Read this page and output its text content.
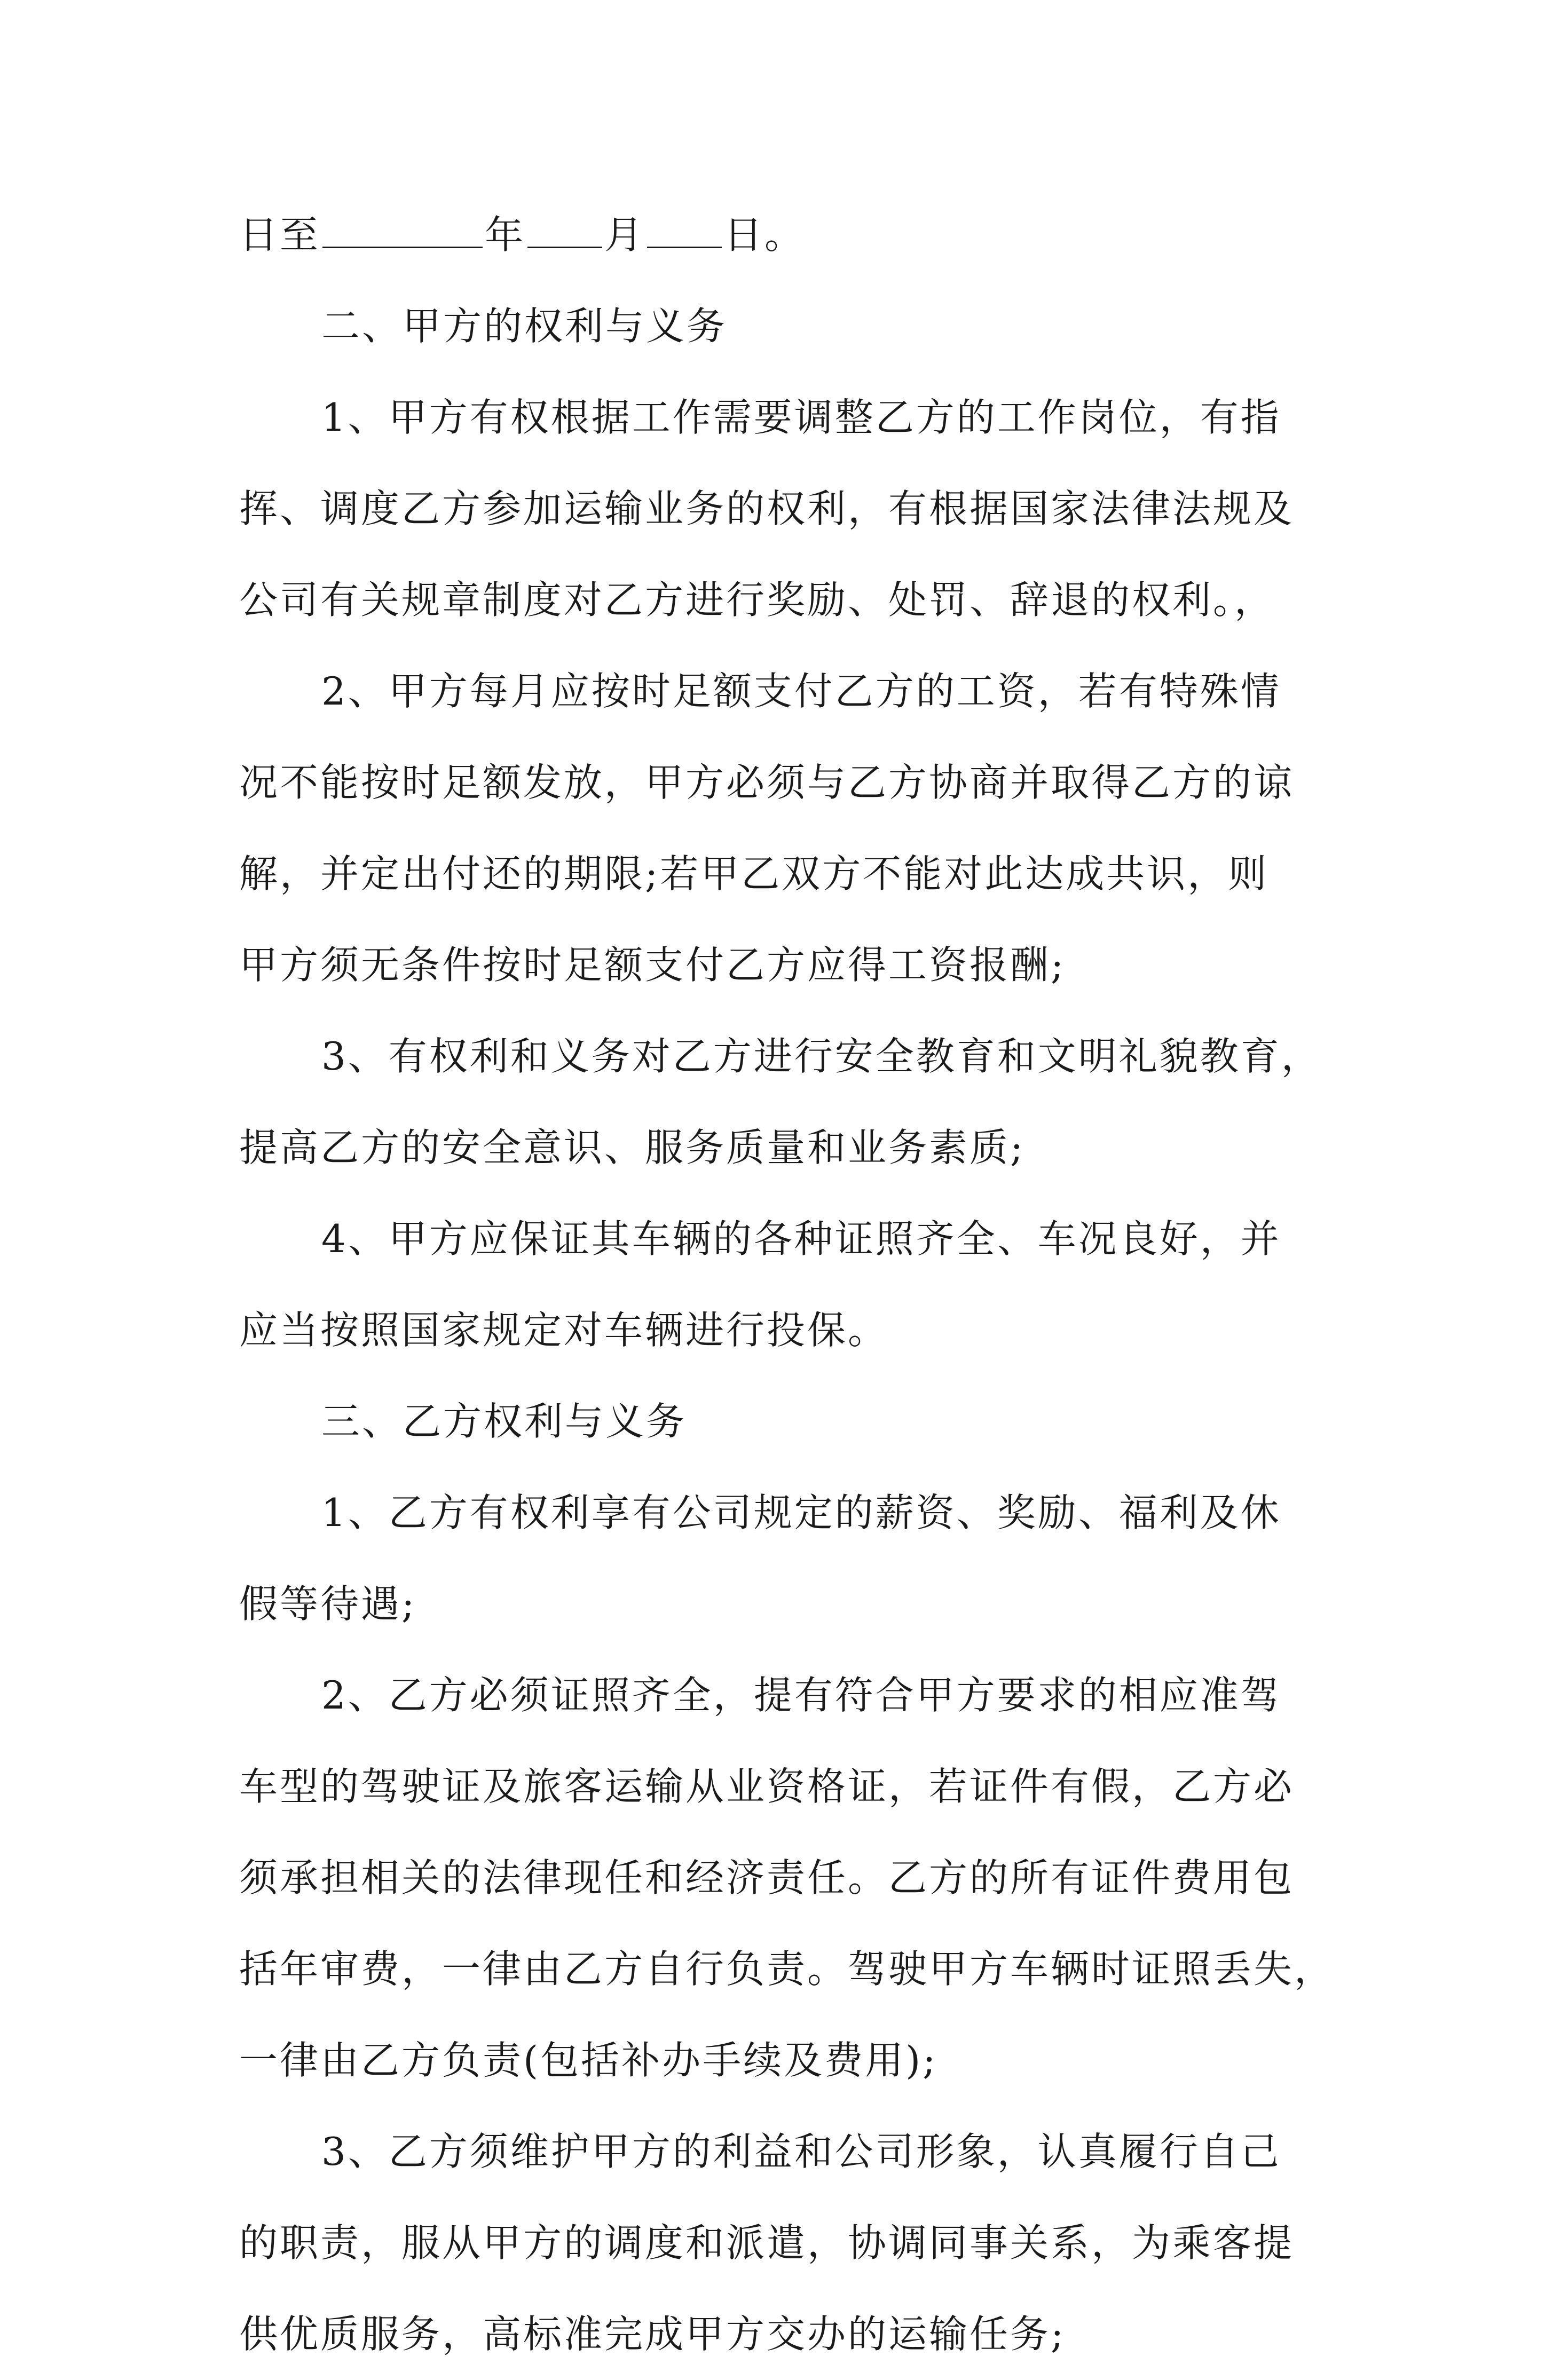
日至	年 月 日。
二、甲方的权利与义务
1、甲方有权根据工作需要调整乙方的工作岗位，有指
挥、调度乙方参加运输业务的权利，有根据国家法律法规及
公司有关规章制度对乙方进行奖励、处罚、辞退的权利。，
2、甲方每月应按时足额支付乙方的工资，若有特殊情
况不能按时足额发放，甲方必须与乙方协商并取得乙方的谅
解，并定出付还的期限;若甲乙双方不能对此达成共识，则
甲方须无条件按时足额支付乙方应得工资报酬;
3、有权利和义务对乙方进行安全教育和文明礼貌教育，
提高乙方的安全意识、服务质量和业务素质;
4、甲方应保证其车辆的各种证照齐全、车况良好，并
应当按照国家规定对车辆进行投保。
三、乙方权利与义务
1、乙方有权利享有公司规定的薪资、奖励、福利及休
假等待遇;
2、乙方必须证照齐全，提有符合甲方要求的相应准驾
车型的驾驶证及旅客运输从业资格证，若证件有假，乙方必
须承担相关的法律现任和经济责任。乙方的所有证件费用包
括年审费，一律由乙方自行负责。驾驶甲方车辆时证照丢失，
一律由乙方负责(包括补办手续及费用);
3、乙方须维护甲方的利益和公司形象，认真履行自己
的职责，服从甲方的调度和派遣，协调同事关系，为乘客提
供优质服务，高标准完成甲方交办的运输任务;
